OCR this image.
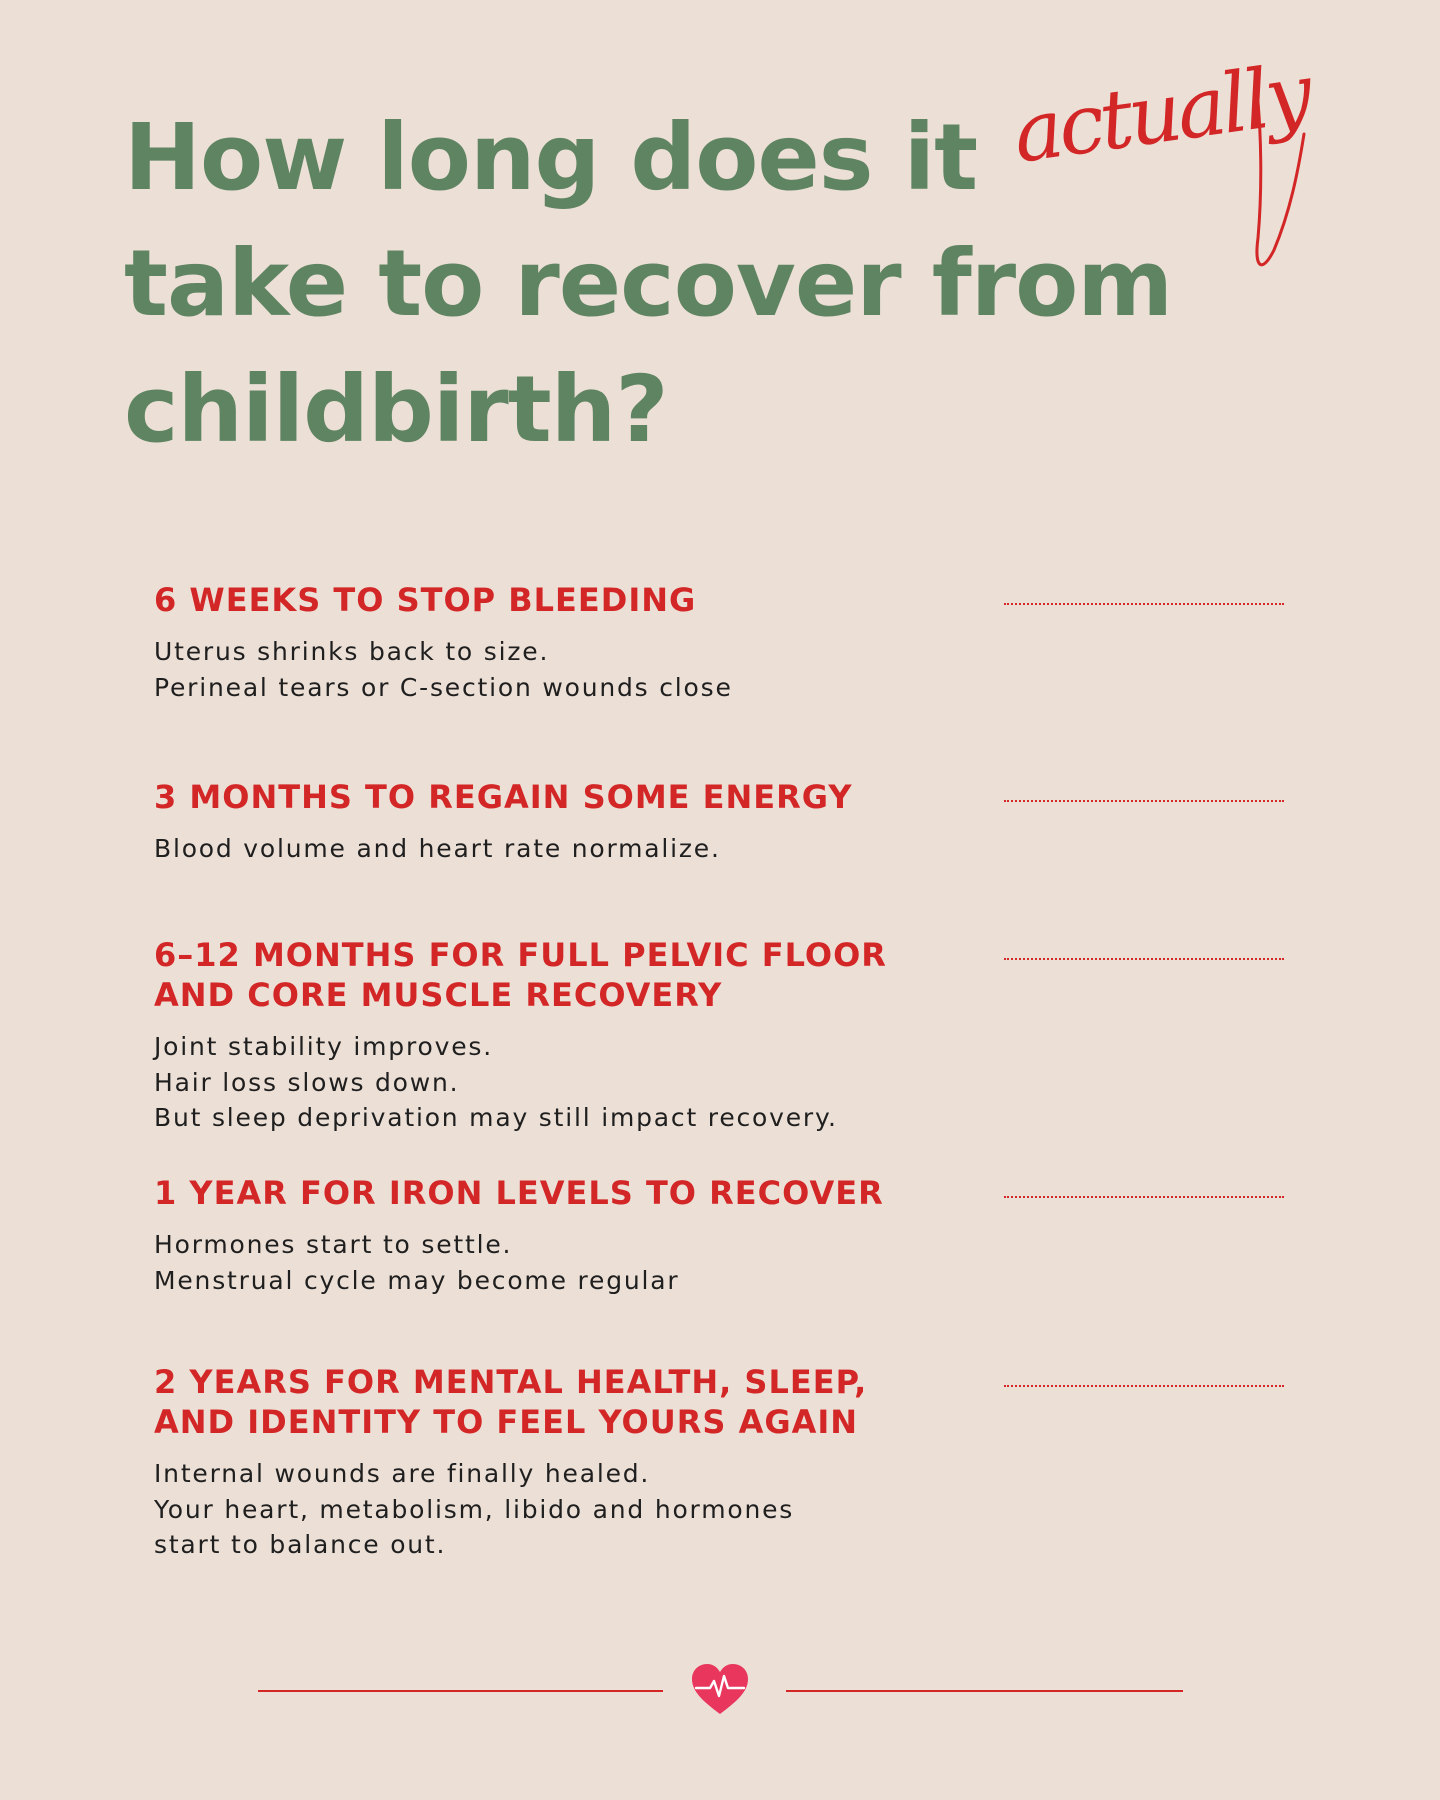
How long does it
take to recover from
childbirth?
actually
6 WEEKS TO STOP BLEEDING
Uterus shrinks back to size.
Perineal tears or C-section wounds close
3 MONTHS TO REGAIN SOME ENERGY
Blood volume and heart rate normalize.
6–12 MONTHS FOR FULL PELVIC FLOOR AND CORE MUSCLE RECOVERY
Joint stability improves.
Hair loss slows down.
But sleep deprivation may still impact recovery.
1 YEAR FOR IRON LEVELS TO RECOVER
Hormones start to settle.
Menstrual cycle may become regular
2 YEARS FOR MENTAL HEALTH, SLEEP, AND IDENTITY TO FEEL YOURS AGAIN
Internal wounds are finally healed.
Your heart, metabolism, libido and hormones
start to balance out.
